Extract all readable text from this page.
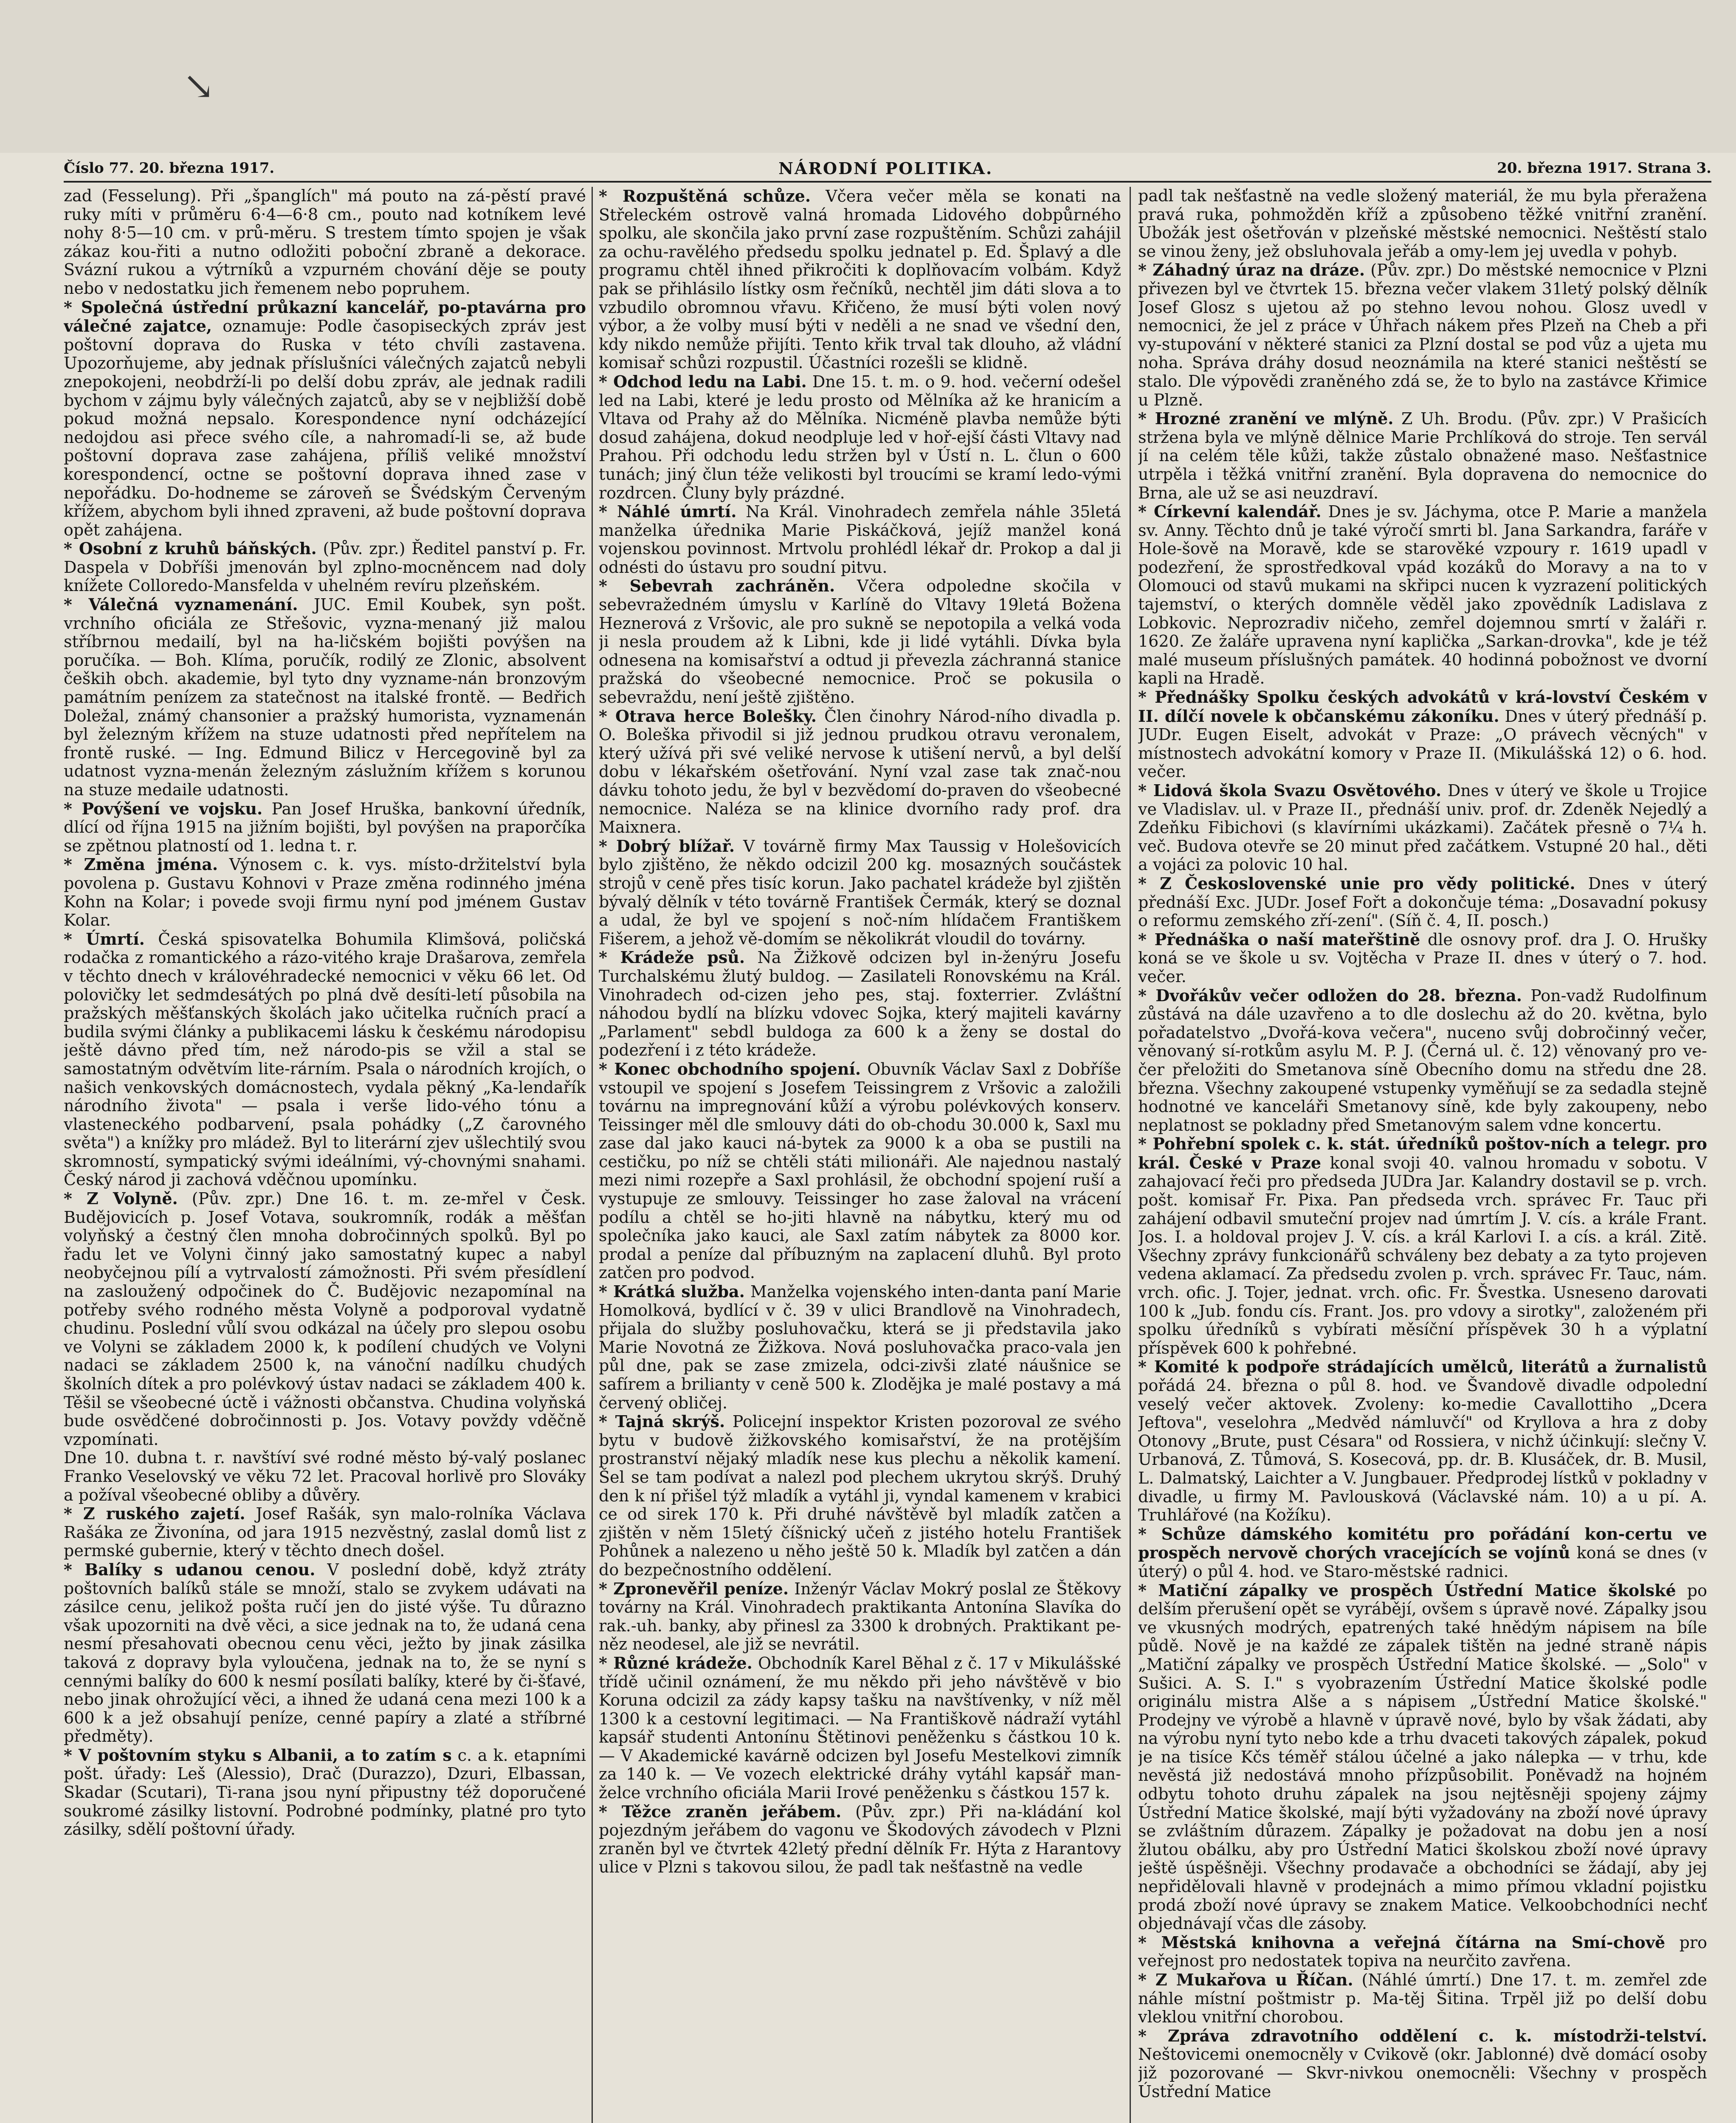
↘
Číslo 77. 20. března 1917.	NÁRODNÍ POLITIKA.	20. března 1917. Strana 3.

zad (Fesselung). Při „španglích" má pouto na zá-pěstí pravé ruky míti v průměru 6·4—6·8 cm., pouto nad kotníkem levé nohy 8·5—10 cm. v prů-měru. S trestem tímto spojen je však zákaz kou-řiti a nutno odložiti poboční zbraně a dekorace. Svázní rukou a výtrníků a vzpurném chování děje se pouty nebo v nedostatku jich řemenem nebo popruhem.

* Společná ústřední průkazní kancelář, po-ptavárna pro válečné zajatce, oznamuje: Podle časopiseckých zpráv jest poštovní doprava do Ruska v této chvíli zastavena. Upozorňujeme, aby jednak příslušníci válečných zajatců nebyli znepokojeni, neobdrží-li po delší dobu zpráv, ale jednak radili bychom v zájmu byly válečných zajatců, aby se v nejbližší době pokud možná nepsalo. Korespondence nyní odcházející nedojdou asi přece svého cíle, a nahromadí-li se, až bude poštovní doprava zase zahájena, příliš veliké množství korespondencí, octne se poštovní doprava ihned zase v nepořádku. Do-hodneme se zároveň se Švédským Červeným křížem, abychom byli ihned zpraveni, až bude poštovní doprava opět zahájena.

* Osobní z kruhů báňských. (Pův. zpr.) Ředitel panství p. Fr. Daspela v Dobříši jmenován byl zplno-mocněncem nad doly knížete Colloredo-Mansfelda v uhelném revíru plzeňském.

* Válečná vyznamenání. JUC. Emil Koubek, syn pošt. vrchního oficiála ze Střešovic, vyzna-menaný již malou stříbrnou medailí, byl na ha-ličském bojišti povýšen na poručíka. — Boh. Klíma, poručík, rodilý ze Zlonic, absolvent čeških obch. akademie, byl tyto dny vyzname-nán bronzovým památním penízem za statečnost na italské frontě. — Bedřich Doležal, známý chansonier a pražský humorista, vyznamenán byl železným křížem na stuze udatnosti před nepřítelem na frontě ruské. — Ing. Edmund Bilicz v Hercegovině byl za udatnost vyzna-menán železným záslužním křížem s korunou na stuze medaile udatnosti.

* Povýšení ve vojsku. Pan Josef Hruška, bankovní úředník, dlící od října 1915 na jižním bojišti, byl povýšen na praporčíka se zpětnou platností od 1. ledna t. r.

* Změna jména. Výnosem c. k. vys. místo-držitelství byla povolena p. Gustavu Kohnovi v Praze změna rodinného jména Kohn na Kolar; i povede svoji firmu nyní pod jménem Gustav Kolar.

* Úmrtí. Česká spisovatelka Bohumila Klimšová, poličská rodačka z romantického a rázo-vitého kraje Drašarova, zemřela v těchto dnech v královéhradecké nemocnici v věku 66 let. Od polovičky let sedmdesátých po plná dvě desíti-letí působila na pražských měšťanských školách jako učitelka ručních prací a budila svými články a publikacemi lásku k českému národopisu ještě dávno před tím, než národo-pis se vžil a stal se samostatným odvětvím lite-rárním. Psala o národních krojích, o našich venkovských domácnostech, vydala pěkný „Ka-lendařík národního života" — psala i verše lido-vého tónu a vlasteneckého podbarvení, psala pohádky („Z čarovného světa") a knížky pro mládež. Byl to literární zjev ušlechtilý svou skromností, sympatický svými ideálními, vý-chovnými snahami. Český národ ji zachová vděčnou upomínku.

* Z Volyně. (Pův. zpr.) Dne 16. t. m. ze-mřel v Česk. Budějovicích p. Josef Votava, soukromník, rodák a měšťan volyňský a čestný člen mnoha dobročinných spolků. Byl po řadu let ve Volyni činný jako samostatný kupec a nabyl neobyčejnou pílí a vytrvalostí zámožnosti. Při svém přesídlení na zasloužený odpočinek do Č. Budějovic nezapomínal na potřeby svého rodného města Volyně a podporoval vydatně chudinu. Poslední vůlí svou odkázal na účely pro slepou osobu ve Volyni se základem 2000 k, k podílení chudých ve Volyni nadaci se základem 2500 k, na vánoční nadílku chudých školních dítek a pro polévkový ústav nadaci se základem 400 k. Těšil se všeobecné úctě i vážnosti občanstva. Chudina volyňská bude osvědčené dobročinnosti p. Jos. Votavy povždy vděčně vzpomínati.

Dne 10. dubna t. r. navštíví své rodné město bý-valý poslanec Franko Veselovský ve věku 72 let. Pracoval horlivě pro Slováky a požíval všeobecné obliby a důvěry.

* Z ruského zajetí. Josef Rašák, syn malo-rolníka Václava Rašáka ze Živonína, od jara 1915 nezvěstný, zaslal domů list z permské gubernie, který v těchto dnech došel.

* Balíky s udanou cenou. V poslední době, když ztráty poštovních balíků stále se množí, stalo se zvykem udávati na zásilce cenu, jelikož pošta ručí jen do jisté výše. Tu důrazno však upozorniti na dvě věci, a sice jednak na to, že udaná cena nesmí přesahovati obecnou cenu věci, ježto by jinak zásilka taková z dopravy byla vyloučena, jednak na to, že se nyní s cennými balíky do 600 k nesmí posílati balíky, které by či-šťavé, nebo jinak ohrožující věci, a ihned že udaná cena mezi 100 k a 600 k a jež obsahují peníze, cenné papíry a zlaté a stříbrné předměty).

* V poštovním styku s Albanii, a to zatím s c. a k. etapními pošt. úřady: Leš (Alessio), Drač (Durazzo), Dzuri, Elbassan, Skadar (Scutari), Ti-rana jsou nyní připustny též doporučené soukromé zásilky listovní. Podrobné podmínky, platné pro tyto zásilky, sdělí poštovní úřady.

* Rozpuštěná schůze. Včera večer měla se konati na Střeleckém ostrově valná hromada Lidového dobpůrného spolku, ale skončila jako první zase rozpuštěním. Schůzi zahájil za ochu-ravělého předsedu spolku jednatel p. Ed. Šplavý a dle programu chtěl ihned přikročiti k doplňovacím volbám. Když pak se přihlásilo lístky osm řečníků, nechtěl jim dáti slova a to vzbudilo obromnou vřavu. Křičeno, že musí býti volen nový výbor, a že volby musí býti v neděli a ne snad ve všední den, kdy nikdo nemůže přijíti. Tento křik trval tak dlouho, až vládní komisař schůzi rozpustil. Účastníci rozešli se klidně.

* Odchod ledu na Labi. Dne 15. t. m. o 9. hod. večerní odešel led na Labi, které je ledu prosto od Mělníka až ke hranicím a Vltava od Prahy až do Mělníka. Nicméně plavba nemůže býti dosud zahájena, dokud neodpluje led v hoř-ejší části Vltavy nad Prahou. Při odchodu ledu stržen byl v Ústí n. L. člun o 600 tunách; jiný člun téže velikosti byl troucími se kramí ledo-vými rozdrcen. Čluny byly prázdné.

* Náhlé úmrtí. Na Král. Vinohradech zemřela náhle 35letá manželka úřednika Marie Piskáčková, jejíž manžel koná vojenskou povinnost. Mrtvolu prohlédl lékař dr. Prokop a dal ji odnésti do ústavu pro soudní pitvu.

* Sebevrah zachráněn. Včera odpoledne skočila v sebevražedném úmyslu v Karlíně do Vltavy 19letá Božena Heznerová z Vršovic, ale pro sukně se nepotopila a velká voda ji nesla proudem až k Libni, kde ji lidé vytáhli. Dívka byla odnesena na komisařství a odtud ji převezla záchranná stanice pražská do všeobecné nemocnice. Proč se pokusila o sebevraždu, není ještě zjištěno.

* Otrava herce Bolešky. Člen činohry Národ-ního divadla p. O. Boleška přivodil si již jednou prudkou otravu veronalem, který užívá při své veliké nervose k utišení nervů, a byl delší dobu v lékařském ošetřování. Nyní vzal zase tak znač-nou dávku tohoto jedu, že byl v bezvědomí do-praven do všeobecné nemocnice. Naléza se na klinice dvorního rady prof. dra Maixnera.

* Dobrý blížař. V továrně firmy Max Taussig v Holešovicích bylo zjištěno, že někdo odcizil 200 kg. mosazných součástek strojů v ceně přes tisíc korun. Jako pachatel krádeže byl zjištěn bývalý dělník v této továrně František Čermák, který se doznal a udal, že byl ve spojení s noč-ním hlídačem Františkem Fišerem, a jehož vě-domím se několikrát vloudil do továrny.

* Krádeže psů. Na Žižkově odcizen byl in-ženýru Josefu Turchalskému žlutý buldog. — Zasilateli Ronovskému na Král. Vinohradech od-cizen jeho pes, staj. foxterrier. Zvláštní náhodou bydlí na blízku vdovec Sojka, který majiteli kavárny „Parlament" sebdl buldoga za 600 k a ženy se dostal do podezření i z této krádeže.

* Konec obchodního spojení. Obuvník Václav Saxl z Dobříše vstoupil ve spojení s Josefem Teissingrem z Vršovic a založili továrnu na impregnování kůží a výrobu polévkových konserv. Teissinger měl dle smlouvy dáti do ob-chodu 30.000 k, Saxl mu zase dal jako kauci ná-bytek za 9000 k a oba se pustili na cestičku, po níž se chtěli státi milionáři. Ale najednou nastalý mezi nimi rozepře a Saxl prohlásil, že obchodní spojení ruší a vystupuje ze smlouvy. Teissinger ho zase žaloval na vrácení podílu a chtěl se ho-jiti hlavně na nábytku, který mu od společníka jako kauci, ale Saxl zatím nábytek za 8000 kor. prodal a peníze dal příbuzným na zaplacení dluhů. Byl proto zatčen pro podvod.

* Krátká služba. Manželka vojenského inten-danta paní Marie Homolková, bydlící v č. 39 v ulici Brandlově na Vinohradech, přijala do služby posluhovačku, která se ji představila jako Marie Novotná ze Žižkova. Nová posluhovačka praco-vala jen půl dne, pak se zase zmizela, odci-zivši zlaté náušnice se safírem a brilianty v ceně 500 k. Zlodějka je malé postavy a má červený obličej.

* Tajná skrýš. Policejní inspektor Kristen pozoroval ze svého bytu v budově žižkovského komisařství, že na protějším prostranství nějaký mladík nese kus plechu a několik kamení. Šel se tam podívat a nalezl pod plechem ukrytou skrýš. Druhý den k ní přišel týž mladík a vytáhl ji, vyndal kamenem v krabici ce od sirek 170 k. Při druhé návštěvě byl mladík zatčen a zjištěn v něm 15letý číšnický učeň z jistého hotelu František Pohůnek a nalezeno u něho ještě 50 k. Mladík byl zatčen a dán do bezpečnostního oddělení.

* Zpronevěřil peníze. Inženýr Václav Mokrý poslal ze Štěkovy továrny na Král. Vinohradech praktikanta Antonína Slavíka do rak.-uh. banky, aby přinesl za 3300 k drobných. Praktikant pe-něz neodesel, ale již se nevrátil.

* Různé krádeže. Obchodník Karel Běhal z č. 17 v Mikulášské třídě učinil oznámení, že mu někdo při jeho návštěvě v bio Koruna odcizil za zády kapsy tašku na navštívenky, v níž měl 1300 k a cestovní legitimaci. — Na Františkově nádraží vytáhl kapsář studenti Antonínu Štětinovi peněženku s částkou 10 k. — V Akademické kavárně odcizen byl Josefu Mestelkovi zimník za 140 k. — Ve vozech elektrické dráhy vytáhl kapsář man-želce vrchního oficiála Marii Irové peněženku s částkou 157 k.

* Těžce zraněn jeřábem. (Pův. zpr.) Při na-kládání kol pojezdným jeřábem do vagonu ve Škodových závodech v Plzni zraněn byl ve čtvrtek 42letý přední dělník Fr. Hýta z Harantovy ulice v Plzni s takovou silou, že padl tak nešťastně na vedle

padl tak nešťastně na vedle složený materiál, že mu byla přeražena pravá ruka, pohmožděn kříž a způsobeno těžké vnitřní zranění. Ubožák jest ošetřován v plzeňské městské nemocnici. Neštěstí stalo se vinou ženy, jež obsluhovala jeřáb a omy-lem jej uvedla v pohyb.

* Záhadný úraz na dráze. (Pův. zpr.) Do městské nemocnice v Plzni přivezen byl ve čtvrtek 15. března večer vlakem 31letý polský dělník Josef Glosz s ujetou až po stehno levou nohou. Glosz uvedl v nemocnici, že jel z práce v Úhřach nákem přes Plzeň na Cheb a při vy-stupování v některé stanici za Plzní dostal se pod vůz a ujeta mu noha. Správa dráhy dosud neoznámila na které stanici neštěstí se stalo. Dle výpovědi zraněného zdá se, že to bylo na zastávce Křimice u Plzně.

* Hrozné zranění ve mlýně. Z Uh. Brodu. (Pův. zpr.) V Prašicích stržena byla ve mlýně dělnice Marie Prchlíková do stroje. Ten servál jí na celém těle kůži, takže zůstalo obnažené maso. Nešťastnice utrpěla i těžká vnitřní zranění. Byla dopravena do nemocnice do Brna, ale už se asi neuzdraví.

* Církevní kalendář. Dnes je sv. Jáchyma, otce P. Marie a manžela sv. Anny. Těchto dnů je také výročí smrti bl. Jana Sarkandra, faráře v Hole-šově na Moravě, kde se starověké vzpoury r. 1619 upadl v podezření, že sprostředkoval vpád kozáků do Moravy a na to v Olomouci od stavů mukami na skřipci nucen k vyzrazení politických tajemství, o kterých domněle věděl jako zpovědník Ladislava z Lobkovic. Neprozradiv ničeho, zemřel dojemnou smrtí v žaláři r. 1620. Ze žaláře upravena nyní kaplička „Sarkan-drovka", kde je též malé museum příslušných památek. 40 hodinná pobožnost ve dvorní kapli na Hradě.

* Přednášky Spolku českých advokátů v krá-lovství Českém v II. dílčí novele k občanskému zákoníku. Dnes v úterý přednáší p. JUDr. Eugen Eiselt, advokát v Praze: „O právech věcných" v místnostech advokátní komory v Praze II. (Mikulášská 12) o 6. hod. večer.

* Lidová škola Svazu Osvětového. Dnes v úterý ve škole u Trojice ve Vladislav. ul. v Praze II., přednáší univ. prof. dr. Zdeněk Nejedlý a Zdeňku Fibichovi (s klavírními ukázkami). Začátek přesně o 7¼ h. več. Budova otevře se 20 minut před začátkem. Vstupné 20 hal., děti a vojáci za polovic 10 hal.

* Z Československé unie pro vědy politické. Dnes v úterý přednáší Exc. JUDr. Josef Fořt a dokončuje téma: „Dosavadní pokusy o reformu zemského zří-zení". (Síň č. 4, II. posch.)

* Přednáška o naší mateřštině dle osnovy prof. dra J. O. Hrušky koná se ve škole u sv. Vojtěcha v Praze II. dnes v úterý o 7. hod. večer.

* Dvořákův večer odložen do 28. března. Pon-vadž Rudolfinum zůstává na dále uzavřeno a to dle doslechu až do 20. května, bylo pořadatelstvo „Dvořá-kova večera", nuceno svůj dobročinný večer, věnovaný sí-rotkům asylu M. P. J. (Černá ul. č. 12) věnovaný pro ve-čer přeložiti do Smetanova síně Obecního domu na středu dne 28. března. Všechny zakoupené vstupenky vyměňují se za sedadla stejně hodnotné ve kanceláři Smetanovy síně, kde byly zakoupeny, nebo neplatnost se pokladny před Smetanovým salem vdne koncertu.

* Pohřební spolek c. k. stát. úředníků poštov-ních a telegr. pro král. České v Praze konal svoji 40. valnou hromadu v sobotu. V zahajovací řeči pro předseda JUDra Jar. Kalandry dostavil se p. vrch. pošt. komisař Fr. Pixa. Pan předseda vrch. správec Fr. Tauc při zahájení odbavil smuteční projev nad úmrtím J. V. cís. a krále Frant. Jos. I. a holdoval projev J. V. cís. a král Karlovi I. a cís. a král. Zitě. Všechny zprávy funkcionářů schváleny bez debaty a za tyto projeven vedena aklamací. Za předsedu zvolen p. vrch. správec Fr. Tauc, nám. vrch. ofic. J. Tojer, jednat. vrch. ofic. Fr. Švestka. Usneseno darovati 100 k „Jub. fondu cís. Frant. Jos. pro vdovy a sirotky", založeném při spolku úředníků s vybírati měsíční příspěvek 30 h a výplatní příspěvek 600 k pohřebné.

* Komité k podpoře strádajících umělců, literátů a žurnalistů pořádá 24. března o půl 8. hod. ve Švandově divadle odpolední veselý večer aktovek. Zvoleny: ko-medie Cavallottiho „Dcera Jeftova", veselohra „Medvěd námluvčí" od Kryllova a hra z doby Otonovy „Brute, pust Césara" od Rossiera, v nichž účinkují: slečny V. Urbanová, Z. Tůmová, S. Kosecová, pp. dr. B. Klusáček, dr. B. Musil, L. Dalmatský, Laichter a V. Jungbauer. Předprodej lístků v pokladny v divadle, u firmy M. Pavlousková (Václavské nám. 10) a u pí. A. Truhlářové (na Kožíku).

* Schůze dámského komitétu pro pořádání kon-certu ve prospěch nervově chorých vracejících se vojínů koná se dnes (v úterý) o půl 4. hod. ve Staro-městské radnici.

* Matiční zápalky ve prospěch Ústřední Matice školské po delším přerušení opět se vyrábějí, ovšem s úpravě nové. Zápalky jsou ve vkusných modrých, epatrených také hnědým nápisem na bíle půdě. Nově je na každé ze zápalek tištěn na jedné straně nápis „Matiční zápalky ve prospěch Ústřední Matice školské. — „Solo" v Sušici. A. S. I." s vyobrazením Ústřední Matice školské podle originálu mistra Alše a s nápisem „Ústřední Matice školské." Prodejny ve výrobě a hlavně v úpravě nové, bylo by však žádati, aby na výrobu nyní tyto nebo kde a trhu dvaceti takových zápalek, pokud je na tisíce Kčs téměř stálou účelné a jako nálepka — v trhu, kde nevěstá již nedostává mnoho přízpůsobilit. Poněvadž na hojném odbytu tohoto druhu zápalek na jsou nejtěsněji spojeny zájmy Ústřední Matice školské, mají býti vyžadovány na zboží nové úpravy se zvláštním důrazem. Zápalky je požadovat na dobu jen a nosí žlutou obálku, aby pro Ústřední Matici školskou zboží nové úpravy ještě úspěšněji. Všechny prodavače a obchodníci se žádají, aby jej nepřidělovali hlavně v prodejnách a mimo přímou vkladní pojistku prodá zboží nové úpravy se znakem Matice. Velkoobchodníci nechť objednávají včas dle zásoby.

* Městská knihovna a veřejná čítárna na Smí-chově pro veřejnost pro nedostatek topiva na neurčito zavřena.

* Z Mukařova u Říčan. (Náhlé úmrtí.) Dne 17. t. m. zemřel zde náhle místní poštmistr p. Ma-těj Šitina. Trpěl již po delší dobu vleklou vnitřní chorobou.

* Zpráva zdravotního oddělení c. k. místodrži-telství. Neštovicemi onemocněly v Cvikově (okr. Jablonné) dvě domácí osoby již pozorované — Skvr-nivkou onemocněli: Všechny v prospěch Ústřední Matice
